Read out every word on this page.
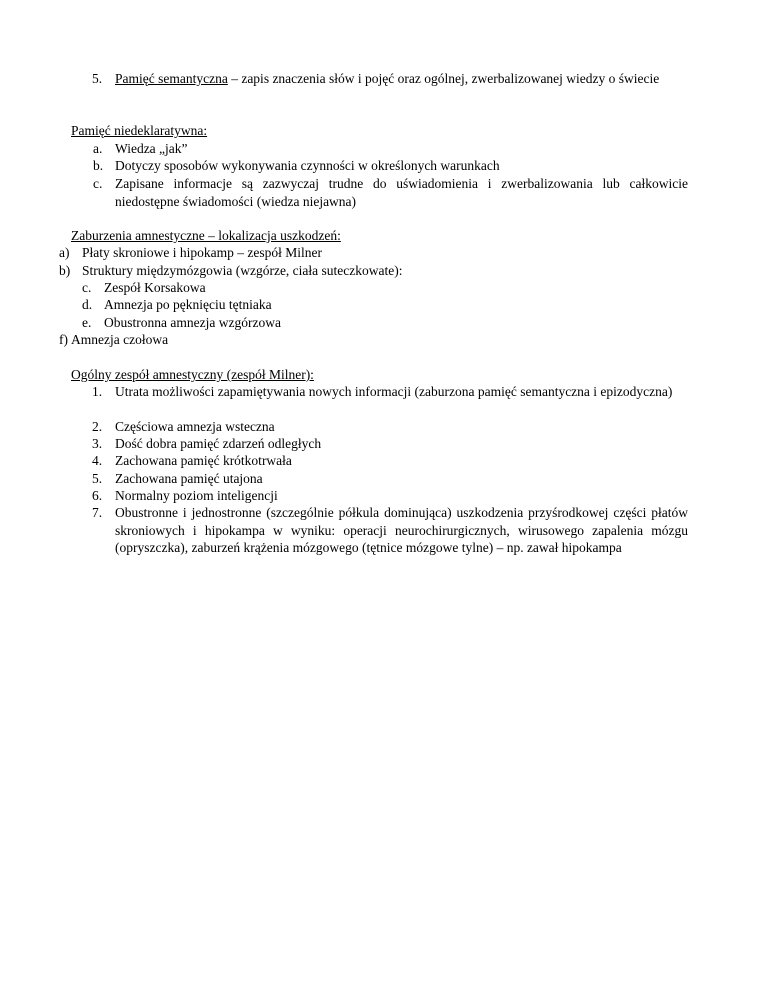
5. Pamięć semantyczna – zapis znaczenia słów i pojęć oraz ogólnej, zwerbalizowanej wiedzy o świecie
Pamięć niedeklaratywna:
a. Wiedza „jak”
b. Dotyczy sposobów wykonywania czynności w określonych warunkach
c. Zapisane informacje są zazwyczaj trudne do uświadomienia i zwerbalizowania lub całkowicie niedostępne świadomości (wiedza niejawna)
Zaburzenia amnestyczne – lokalizacja uszkodzeń:
a) Płaty skroniowe i hipokamp – zespół Milner
b) Struktury międzymózgowia (wzgórze, ciała suteczkowate):
c. Zespół Korsakowa
d. Amnezja po pęknięciu tętniaka
e. Obustronna amnezja wzgórzowa
f) Amnezja czołowa
Ogólny zespół amnestyczny (zespół Milner):
1. Utrata możliwości zapamiętywania nowych informacji (zaburzona pamięć semantyczna i epizodyczna)
2. Częściowa amnezja wsteczna
3. Dość dobra pamięć zdarzeń odległych
4. Zachowana pamięć krótkotrwała
5. Zachowana pamięć utajona
6. Normalny poziom inteligencji
7. Obustronne i jednostronne (szczególnie półkula dominująca) uszkodzenia przyśrodkowej części płatów skroniowych i hipokampa w wyniku: operacji neurochirurgicznych, wirusowego zapalenia mózgu (opryszczka), zaburzeń krążenia mózgowego (tętnice mózgowe tylne) – np. zawał hipokampa
